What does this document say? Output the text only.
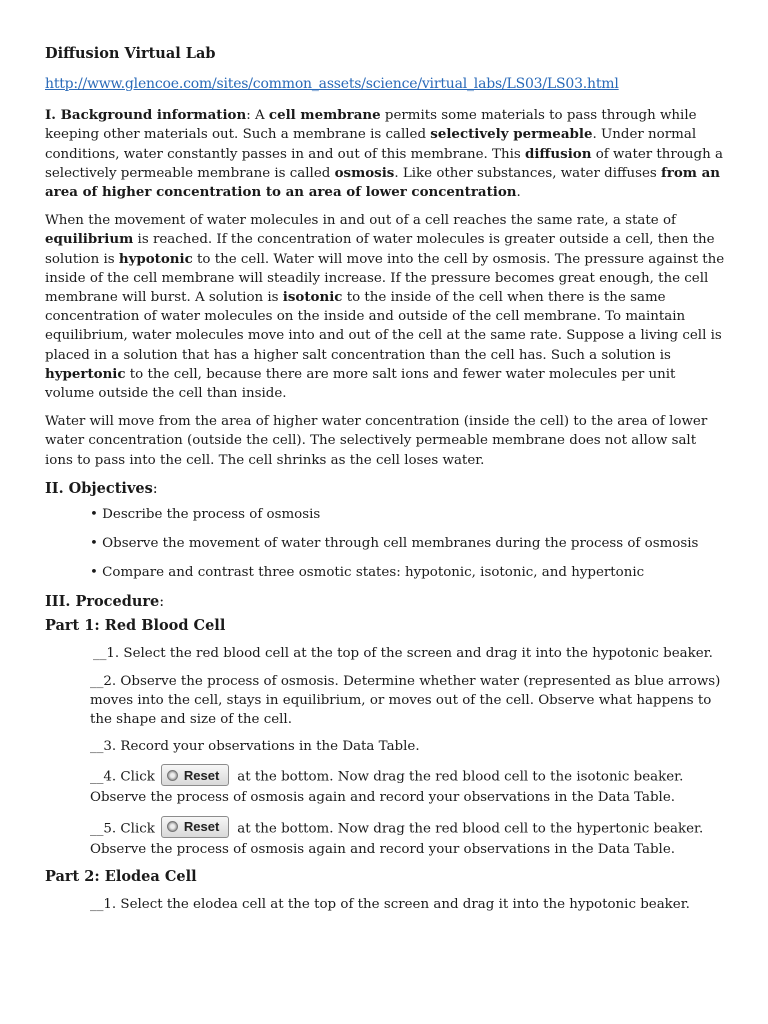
Diffusion Virtual Lab
http://www.glencoe.com/sites/common_assets/science/virtual_labs/LS03/LS03.html

I. Background information: A cell membrane permits some materials to pass through while keeping other materials out. Such a membrane is called selectively permeable. Under normal conditions, water constantly passes in and out of this membrane. This diffusion of water through a selectively permeable membrane is called osmosis. Like other substances, water diffuses from an area of higher concentration to an area of lower concentration.

When the movement of water molecules in and out of a cell reaches the same rate, a state of equilibrium is reached. If the concentration of water molecules is greater outside a cell, then the solution is hypotonic to the cell. Water will move into the cell by osmosis. The pressure against the inside of the cell membrane will steadily increase. If the pressure becomes great enough, the cell membrane will burst. A solution is isotonic to the inside of the cell when there is the same concentration of water molecules on the inside and outside of the cell membrane. To maintain equilibrium, water molecules move into and out of the cell at the same rate. Suppose a living cell is placed in a solution that has a higher salt concentration than the cell has. Such a solution is hypertonic to the cell, because there are more salt ions and fewer water molecules per unit volume outside the cell than inside.

Water will move from the area of higher water concentration (inside the cell) to the area of lower water concentration (outside the cell). The selectively permeable membrane does not allow salt ions to pass into the cell. The cell shrinks as the cell loses water.

II. Objectives:
• Describe the process of osmosis
• Observe the movement of water through cell membranes during the process of osmosis
• Compare and contrast three osmotic states: hypotonic, isotonic, and hypertonic
III. Procedure:
Part 1: Red Blood Cell

__1. Select the red blood cell at the top of the screen and drag it into the hypotonic beaker.

__2. Observe the process of osmosis. Determine whether water (represented as blue arrows) moves into the cell, stays in equilibrium, or moves out of the cell. Observe what happens to the shape and size of the cell.

__3. Record your observations in the Data Table.

__4. Click Reset at the bottom. Now drag the red blood cell to the isotonic beaker. Observe the process of osmosis again and record your observations in the Data Table.

__5. Click Reset at the bottom. Now drag the red blood cell to the hypertonic beaker. Observe the process of osmosis again and record your observations in the Data Table.

Part 2: Elodea Cell

__1. Select the elodea cell at the top of the screen and drag it into the hypotonic beaker.
